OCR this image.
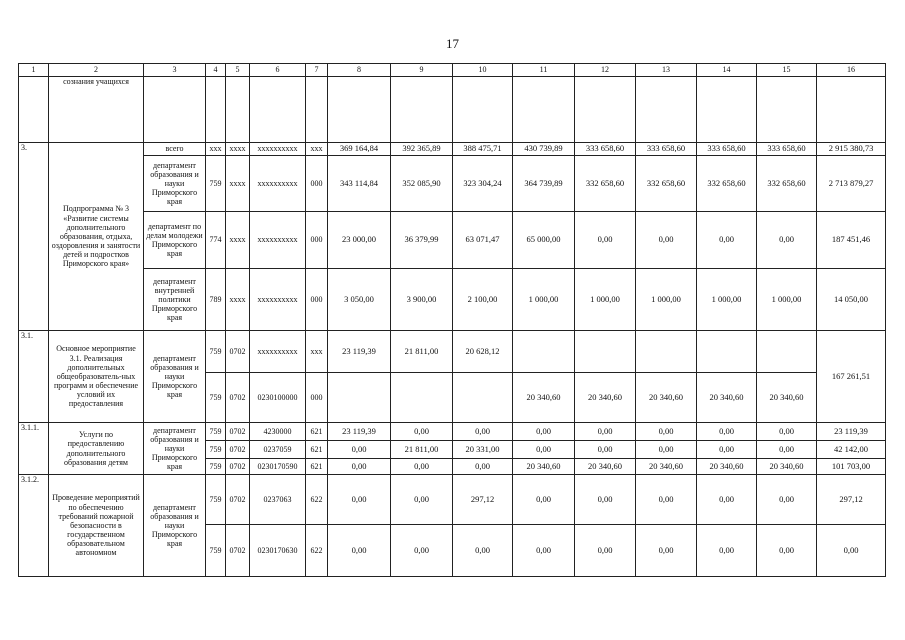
17
1	2	3	4	5	6	7	8	9	10	11	12	13	14	15	16
	сознания учащихся														
3.	Подпрограмма № 3 «Развитие системы дополнительного образования, отдыха, оздоровления и занятости детей и подростков Приморского края»	всего	xxx	xxxx	xxxxxxxxxx	xxx	369 164,84	392 365,89	388 475,71	430 739,89	333 658,60	333 658,60	333 658,60	333 658,60	2 915 380,73
		департамент образования и науки Приморского края	759	xxxx	xxxxxxxxxx	000	343 114,84	352 085,90	323 304,24	364 739,89	332 658,60	332 658,60	332 658,60	332 658,60	2 713 879,27
		департамент по делам молодежи Приморского края	774	xxxx	xxxxxxxxxx	000	23 000,00	36 379,99	63 071,47	65 000,00	0,00	0,00	0,00	0,00	187 451,46
		департамент внутренней политики Приморского края	789	xxxx	xxxxxxxxxx	000	3 050,00	3 900,00	2 100,00	1 000,00	1 000,00	1 000,00	1 000,00	1 000,00	14 050,00
3.1.	Основное мероприятие 3.1. Реализация дополнительных общеобразователь-ных программ и обеспечение условий их предоставления	департамент образования и науки Приморского края	759	0702	xxxxxxxxxx	xxx	23 119,39	21 811,00	20 628,12						167 261,51
			759	0702	0230100000	000				20 340,60	20 340,60	20 340,60	20 340,60	20 340,60	
3.1.1.	Услуги по предоставлению дополнительного образования детям	департамент образования и науки Приморского края	759	0702	4230000	621	23 119,39	0,00	0,00	0,00	0,00	0,00	0,00	0,00	23 119,39
			759	0702	0237059	621	0,00	21 811,00	20 331,00	0,00	0,00	0,00	0,00	0,00	42 142,00
			759	0702	0230170590	621	0,00	0,00	0,00	20 340,60	20 340,60	20 340,60	20 340,60	20 340,60	101 703,00
3.1.2.	Проведение мероприятий по обеспечению требований пожарной безопасности в государственном образовательном автономном	департамент образования и науки Приморского края	759	0702	0237063	622	0,00	0,00	297,12	0,00	0,00	0,00	0,00	0,00	297,12
			759	0702	0230170630	622	0,00	0,00	0,00	0,00	0,00	0,00	0,00	0,00	0,00
